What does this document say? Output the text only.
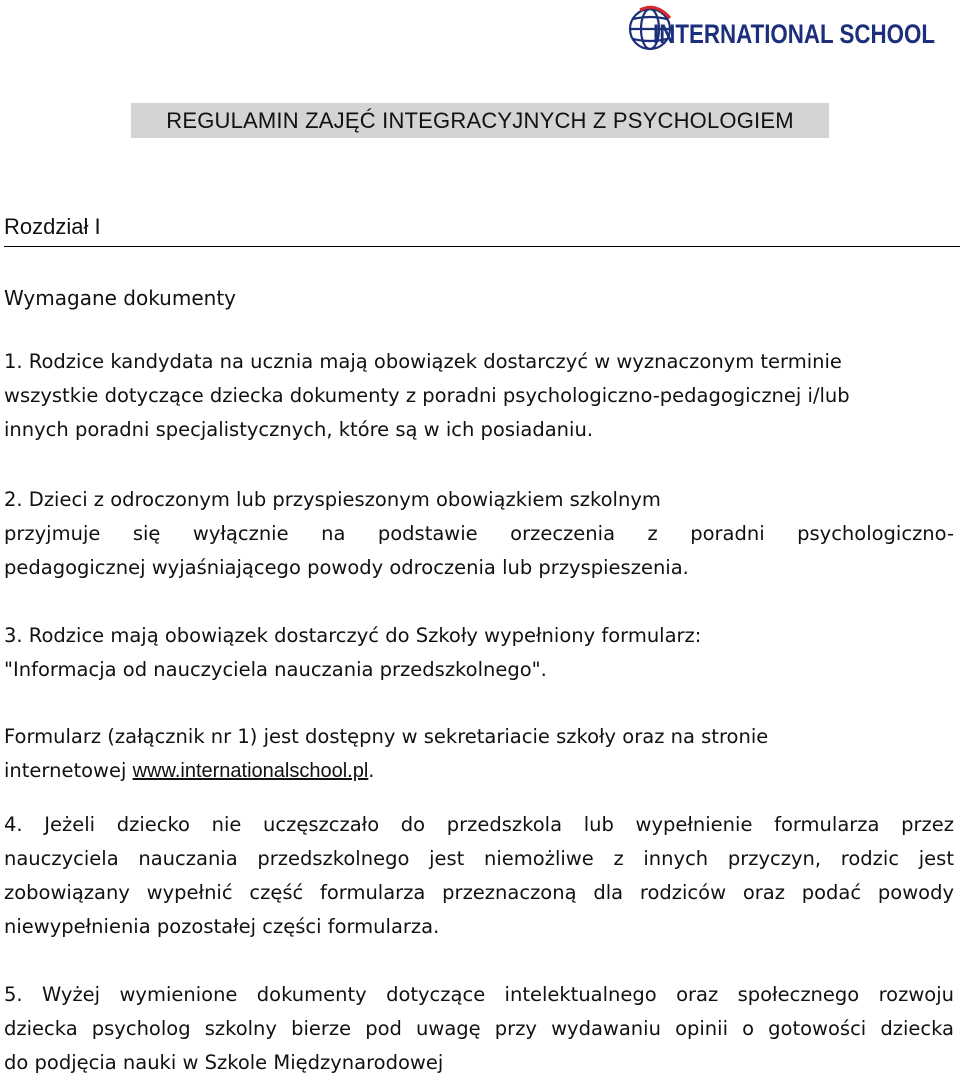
INTERNATIONAL SCHOOL
REGULAMIN ZAJĘĆ INTEGRACYJNYCH Z PSYCHOLOGIEM
Rozdział I
Wymagane dokumenty
1. Rodzice kandydata na ucznia mają obowiązek dostarczyć w wyznaczonym terminie
wszystkie dotyczące dziecka dokumenty z poradni psychologiczno-pedagogicznej i/lub
innych poradni specjalistycznych, które są w ich posiadaniu.
2. Dzieci z odroczonym lub przyspieszonym obowiązkiem szkolnym
przyjmuje się wyłącznie na podstawie orzeczenia z poradni psychologiczno-
pedagogicznej wyjaśniającego powody odroczenia lub przyspieszenia.
3. Rodzice mają obowiązek dostarczyć do Szkoły wypełniony formularz:
"Informacja od nauczyciela nauczania przedszkolnego".
Formularz (załącznik nr 1) jest dostępny w sekretariacie szkoły oraz na stronie
internetowej www.internationalschool.pl.
4. Jeżeli dziecko nie uczęszczało do przedszkola lub wypełnienie formularza przez
nauczyciela nauczania przedszkolnego jest niemożliwe z innych przyczyn, rodzic jest
zobowiązany wypełnić część formularza przeznaczoną dla rodziców oraz podać powody
niewypełnienia pozostałej części formularza.
5. Wyżej wymienione dokumenty dotyczące intelektualnego oraz społecznego rozwoju
dziecka psycholog szkolny bierze pod uwagę przy wydawaniu opinii o gotowości dziecka
do podjęcia nauki w Szkole Międzynarodowej
